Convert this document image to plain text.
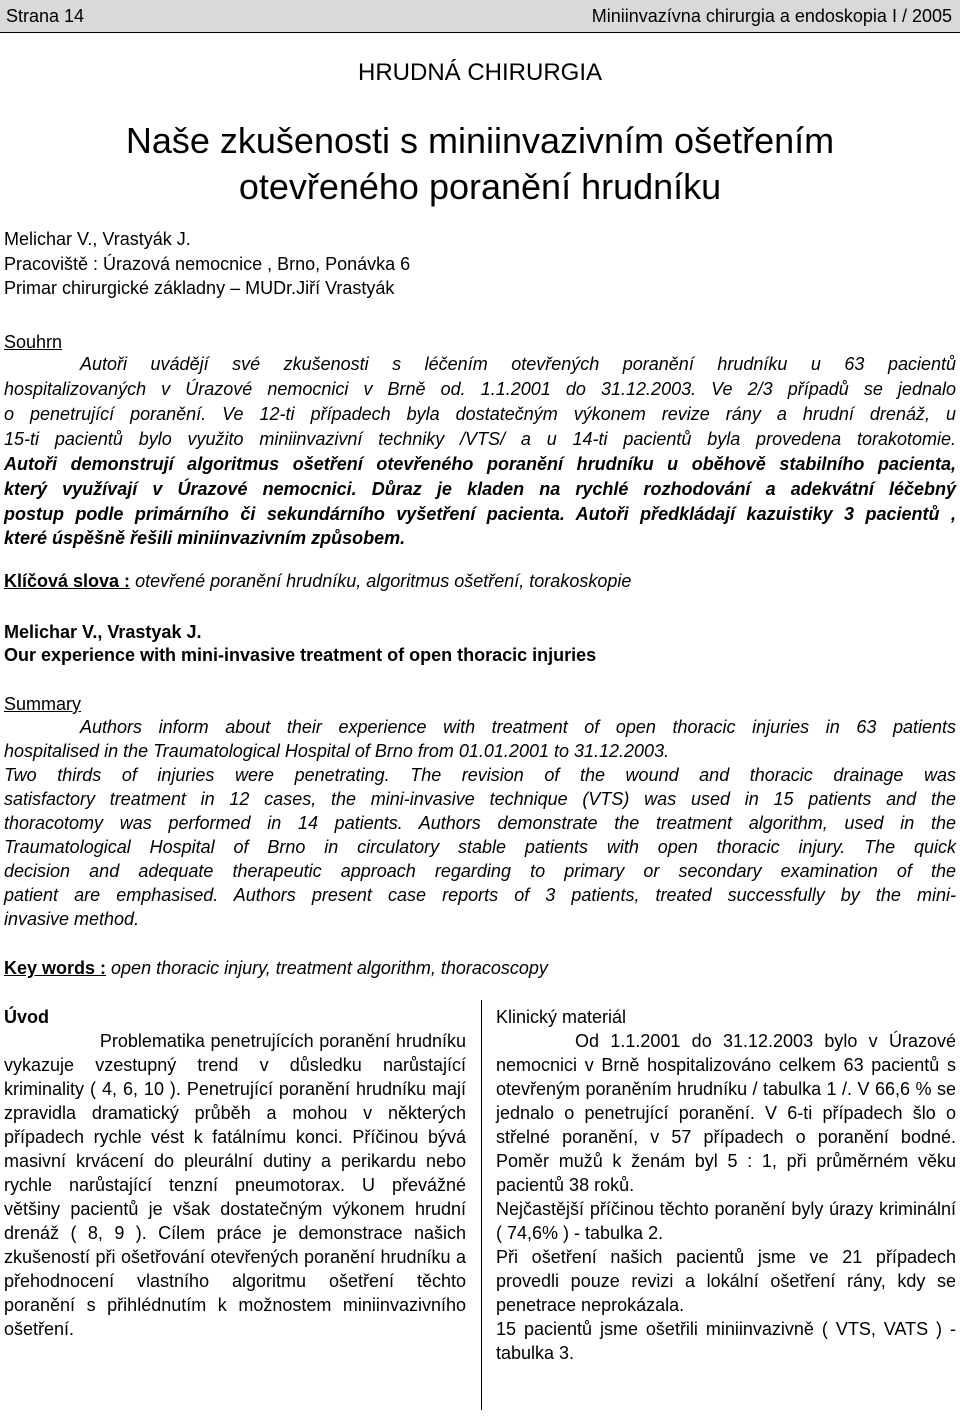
Strana 14	Miniinvazívna chirurgia a endoskopia I / 2005
HRUDNÁ CHIRURGIA
Naše zkušenosti s miniinvazivním ošetřením
otevřeného poranění hrudníku
Melichar V., Vrastyák J.
Pracoviště : Úrazová nemocnice , Brno, Ponávka 6
Primar chirurgické základny – MUDr.Jiří Vrastyák
Souhrn
Autoři uvádějí své zkušenosti s léčením otevřených poranění hrudníku u 63 pacientů
hospitalizovaných v Úrazové nemocnici v Brně od. 1.1.2001 do 31.12.2003. Ve 2/3 případů se jednalo
o penetrující poranění. Ve 12-ti případech byla dostatečným výkonem revize rány a hrudní drenáž, u
15-ti pacientů bylo využito miniinvazivní techniky /VTS/ a u 14-ti pacientů byla provedena torakotomie.
Autoři demonstrují algoritmus ošetření otevřeného poranění hrudníku u oběhově stabilního pacienta,
který využívají v Úrazové nemocnici. Důraz je kladen na rychlé rozhodování a adekvátní léčebný
postup podle primárního či sekundárního vyšetření pacienta. Autoři předkládají kazuistiky 3 pacientů ,
které úspěšně řešili miniinvazivním způsobem.
Klíčová slova : otevřené poranění hrudníku, algoritmus ošetření, torakoskopie
Melichar V., Vrastyak J.
Our experience with mini-invasive treatment of open thoracic injuries
Summary
Authors inform about their experience with treatment of open thoracic injuries in 63 patients
hospitalised in the Traumatological Hospital of Brno from 01.01.2001 to 31.12.2003.
Two thirds of injuries were penetrating. The revision of the wound and thoracic drainage was
satisfactory treatment in 12 cases, the mini-invasive technique (VTS) was used in 15 patients and the
thoracotomy was performed in 14 patients. Authors demonstrate the treatment algorithm, used in the
Traumatological Hospital of Brno in circulatory stable patients with open thoracic injury. The quick
decision and adequate therapeutic approach regarding to primary or secondary examination of the
patient are emphasised. Authors present case reports of 3 patients, treated successfully by the mini-
invasive method.
Key words : open thoracic injury, treatment algorithm, thoracoscopy
Úvod

Problematika penetrujících poranění hrudníku vykazuje vzestupný trend v důsledku narůstající kriminality ( 4, 6, 10 ). Penetrující poranění hrudníku mají zpravidla dramatický průběh a mohou v některých případech rychle vést k fatálnímu konci. Příčinou bývá masivní krvácení do pleurální dutiny a perikardu nebo rychle narůstající tenzní pneumotorax. U převážné většiny pacientů je však dostatečným výkonem hrudní drenáž ( 8, 9 ). Cílem práce je demonstrace našich zkušeností při ošetřování otevřených poranění hrudníku a přehodnocení vlastního algoritmu ošetření těchto poranění s přihlédnutím k možnostem miniinvazivního ošetření.

Klinický materiál

Od 1.1.2001 do 31.12.2003 bylo v Úrazové nemocnici v Brně hospitalizováno celkem 63 pacientů s otevřeným poraněním hrudníku / tabulka 1 /. V 66,6 % se jednalo o penetrující poranění. V 6-ti případech šlo o střelné poranění, v 57 případech o poranění bodné. Poměr mužů k ženám byl 5 : 1, při průměrném věku pacientů 38 roků.

Nejčastější příčinou těchto poranění byly úrazy kriminální ( 74,6% ) - tabulka 2.

Při ošetření našich pacientů jsme ve 21 případech provedli pouze revizi a lokální ošetření rány, kdy se penetrace neprokázala.

15 pacientů jsme ošetřili miniinvazivně ( VTS, VATS ) - tabulka 3.
